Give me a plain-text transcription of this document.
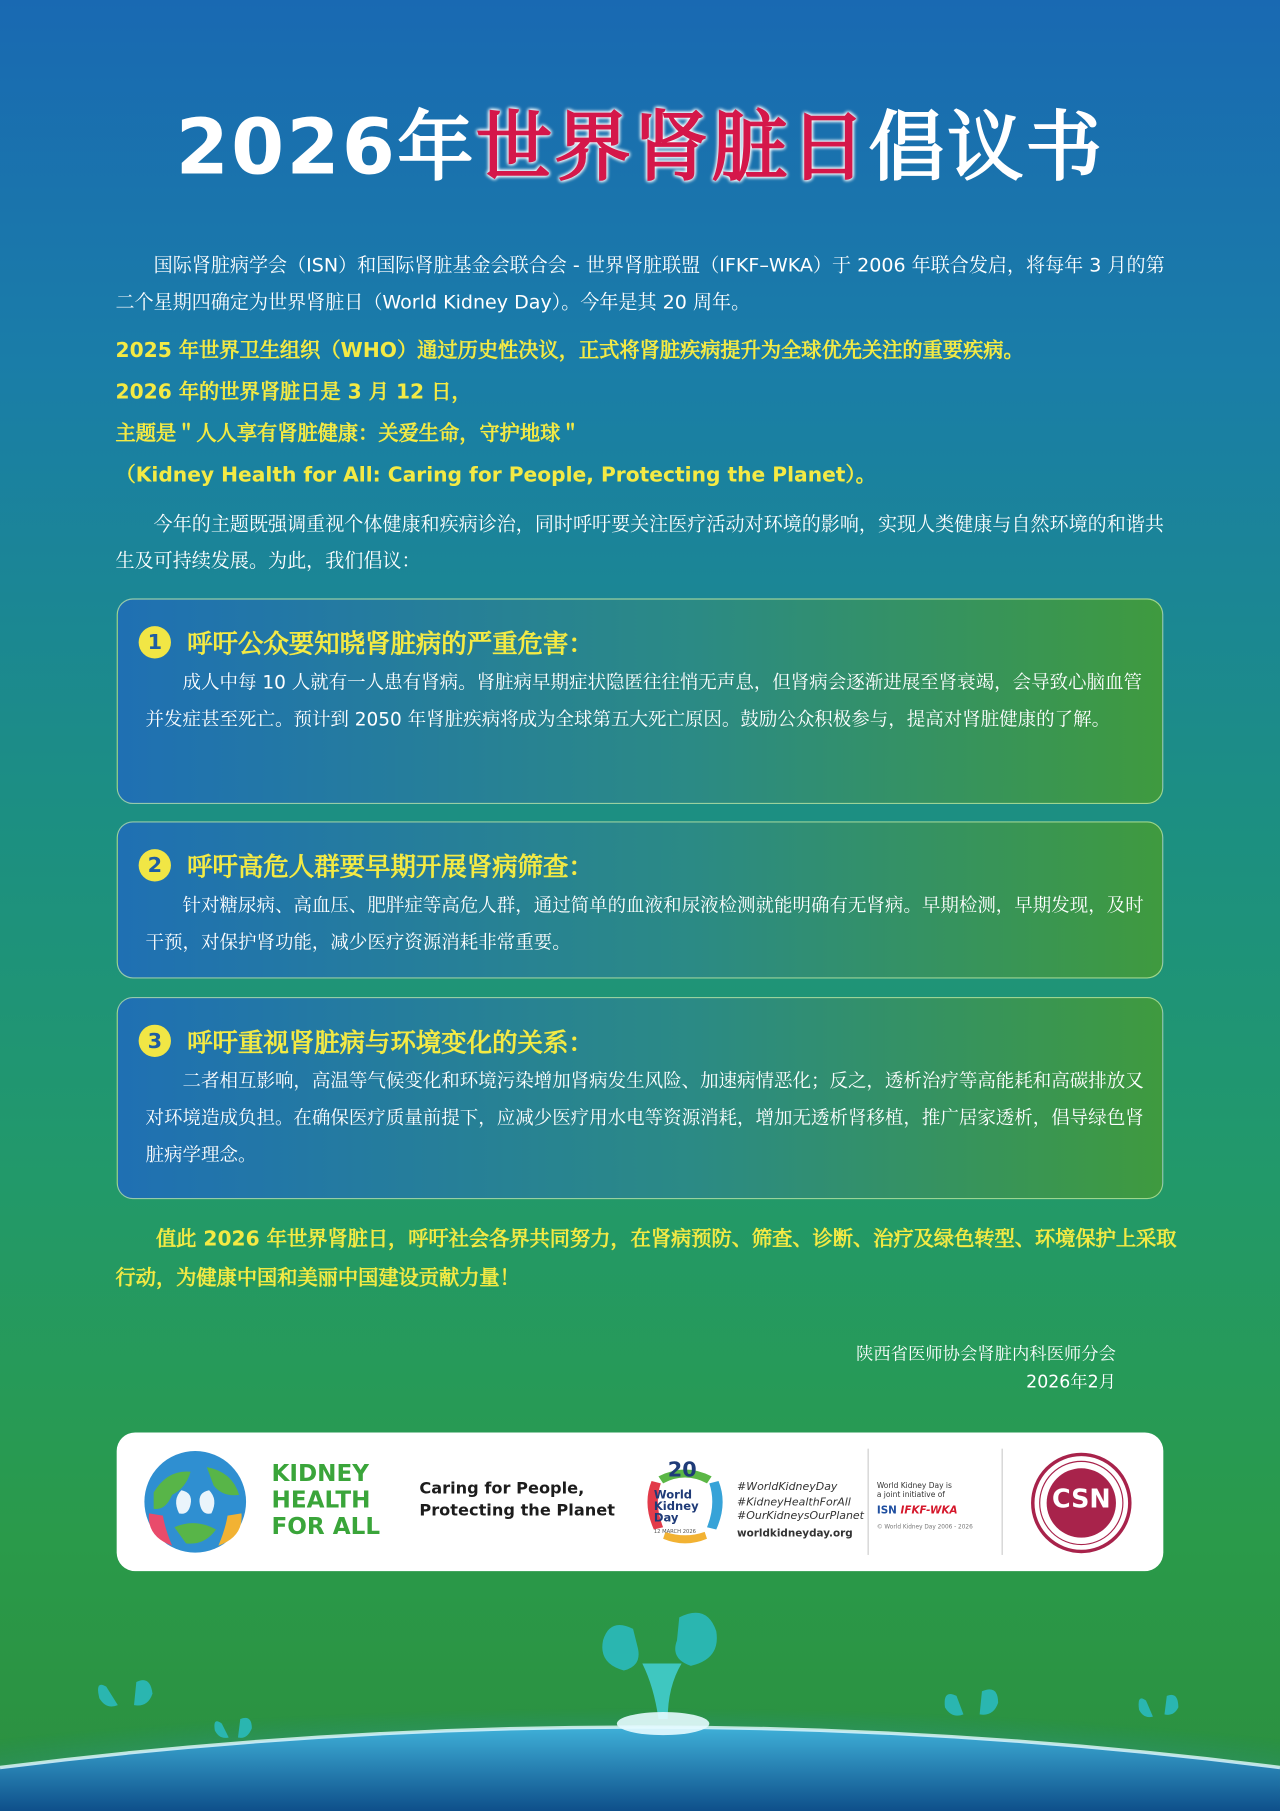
2026年世界肾脏日倡议书
国际肾脏病学会（ISN）和国际肾脏基金会联合会 - 世界肾脏联盟（IFKF–WKA）于 2006 年联合发启，将每年 3 月的第二个星期四确定为世界肾脏日（World Kidney Day）。今年是其 20 周年。
2025 年世界卫生组织（WHO）通过历史性决议，正式将肾脏疾病提升为全球优先关注的重要疾病。
2026 年的世界肾脏日是 3 月 12 日，
主题是＂人人享有肾脏健康：关爱生命，守护地球＂
（Kidney Health for All: Caring for People, Protecting the Planet）。
今年的主题既强调重视个体健康和疾病诊治，同时呼吁要关注医疗活动对环境的影响，实现人类健康与自然环境的和谐共生及可持续发展。为此，我们倡议：
1	呼吁公众要知晓肾脏病的严重危害：
成人中每 10 人就有一人患有肾病。肾脏病早期症状隐匿往往悄无声息，但肾病会逐渐进展至肾衰竭，会导致心脑血管并发症甚至死亡。预计到 2050 年肾脏疾病将成为全球第五大死亡原因。鼓励公众积极参与，提高对肾脏健康的了解。
2	呼吁高危人群要早期开展肾病筛查：
针对糖尿病、高血压、肥胖症等高危人群，通过简单的血液和尿液检测就能明确有无肾病。早期检测，早期发现，及时干预，对保护肾功能，减少医疗资源消耗非常重要。
3	呼吁重视肾脏病与环境变化的关系：
二者相互影响，高温等气候变化和环境污染增加肾病发生风险、加速病情恶化；反之，透析治疗等高能耗和高碳排放又对环境造成负担。在确保医疗质量前提下，应减少医疗用水电等资源消耗，增加无透析肾移植，推广居家透析，倡导绿色肾脏病学理念。
值此 2026 年世界肾脏日，呼吁社会各界共同努力，在肾病预防、筛查、诊断、治疗及绿色转型、环境保护上采取行动，为健康中国和美丽中国建设贡献力量！
陕西省医师协会肾脏内科医师分会
2026年2月
KIDNEY
HEALTH
FOR ALL
Caring for People,
Protecting the Planet
20
World
Kidney
Day
12 MARCH 2026
#WorldKidneyDay
#KidneyHealthForAll
#OurKidneysOurPlanet
worldkidneyday.org
World Kidney Day is
a joint initiative of
ISN IFKF-WKA
© World Kidney Day 2006 - 2026
CSN
